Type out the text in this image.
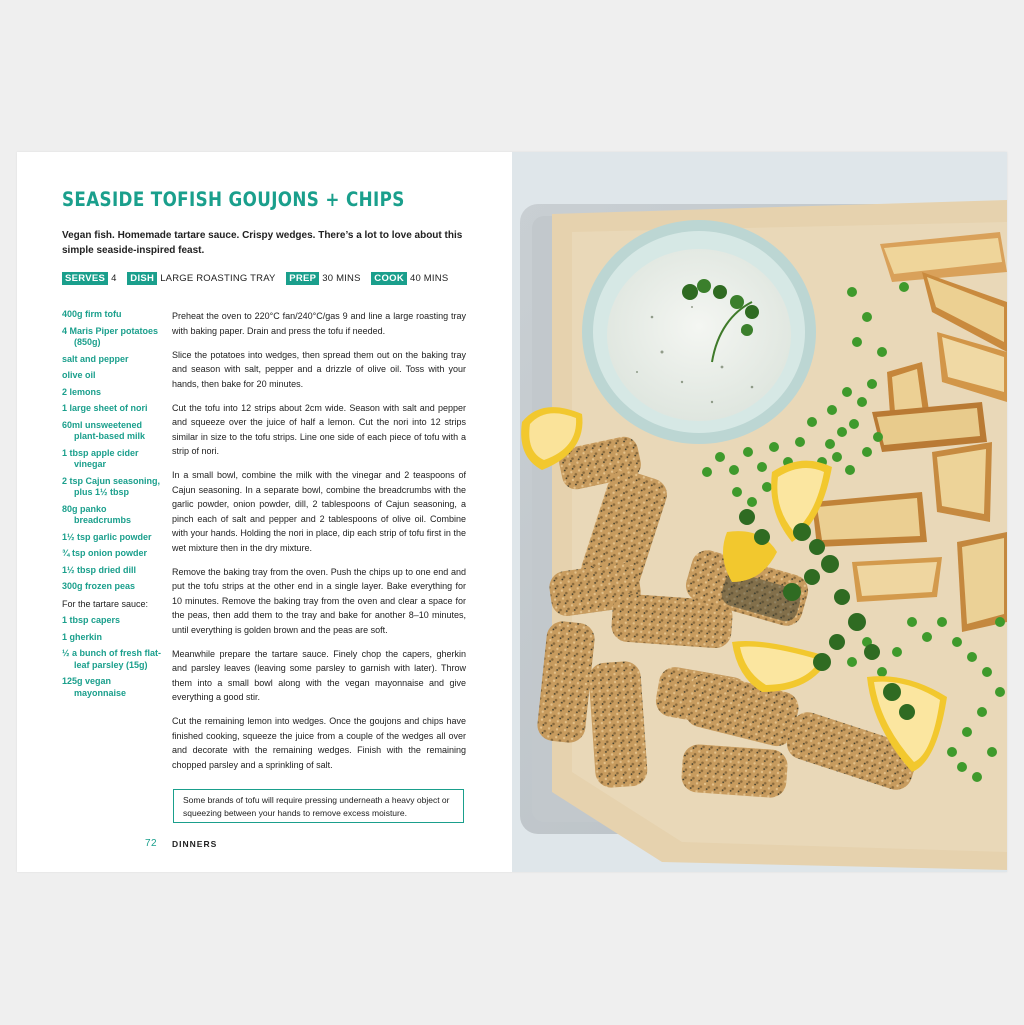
SEASIDE TOFISH GOUJONS + CHIPS

Vegan fish. Homemade tartare sauce. Crispy wedges. There’s a lot to love about this simple seaside-inspired feast.

SERVES 4 DISH LARGE ROASTING TRAY PREP 30 MINS COOK 40 MINS
400g firm tofu
4 Maris Piper potatoes (850g)
salt and pepper
olive oil
2 lemons
1 large sheet of nori
60ml unsweetened plant-based milk
1 tbsp apple cider vinegar
2 tsp Cajun seasoning, plus 1½ tbsp
80g panko breadcrumbs
1½ tsp garlic powder
¾ tsp onion powder
1½ tbsp dried dill
300g frozen peas
For the tartare sauce:
1 tbsp capers
1 gherkin
½ a bunch of fresh flat-leaf parsley (15g)
125g vegan mayonnaise

Preheat the oven to 220°C fan/240°C/gas 9 and line a large roasting tray with baking paper. Drain and press the tofu if needed.

Slice the potatoes into wedges, then spread them out on the baking tray and season with salt, pepper and a drizzle of olive oil. Toss with your hands, then bake for 20 minutes.

Cut the tofu into 12 strips about 2cm wide. Season with salt and pepper and squeeze over the juice of half a lemon. Cut the nori into 12 strips similar in size to the tofu strips. Line one side of each piece of tofu with a strip of nori.

In a small bowl, combine the milk with the vinegar and 2 teaspoons of Cajun seasoning. In a separate bowl, combine the breadcrumbs with the garlic powder, onion powder, dill, 2 tablespoons of Cajun seasoning, a pinch each of salt and pepper and 2 tablespoons of olive oil. Combine with your hands. Holding the nori in place, dip each strip of tofu first in the wet mixture then in the dry mixture.

Remove the baking tray from the oven. Push the chips up to one end and put the tofu strips at the other end in a single layer. Bake everything for 10 minutes. Remove the baking tray from the oven and clear a space for the peas, then add them to the tray and bake for another 8–10 minutes, until everything is golden brown and the peas are soft.

Meanwhile prepare the tartare sauce. Finely chop the capers, gherkin and parsley leaves (leaving some parsley to garnish with later). Throw them into a small bowl along with the vegan mayonnaise and give everything a good stir.

Cut the remaining lemon into wedges. Once the goujons and chips have finished cooking, squeeze the juice from a couple of the wedges all over and decorate with the remaining wedges. Finish with the remaining chopped parsley and a sprinkling of salt.

Some brands of tofu will require pressing underneath a heavy object or squeezing between your hands to remove excess moisture.
72 DINNERS
